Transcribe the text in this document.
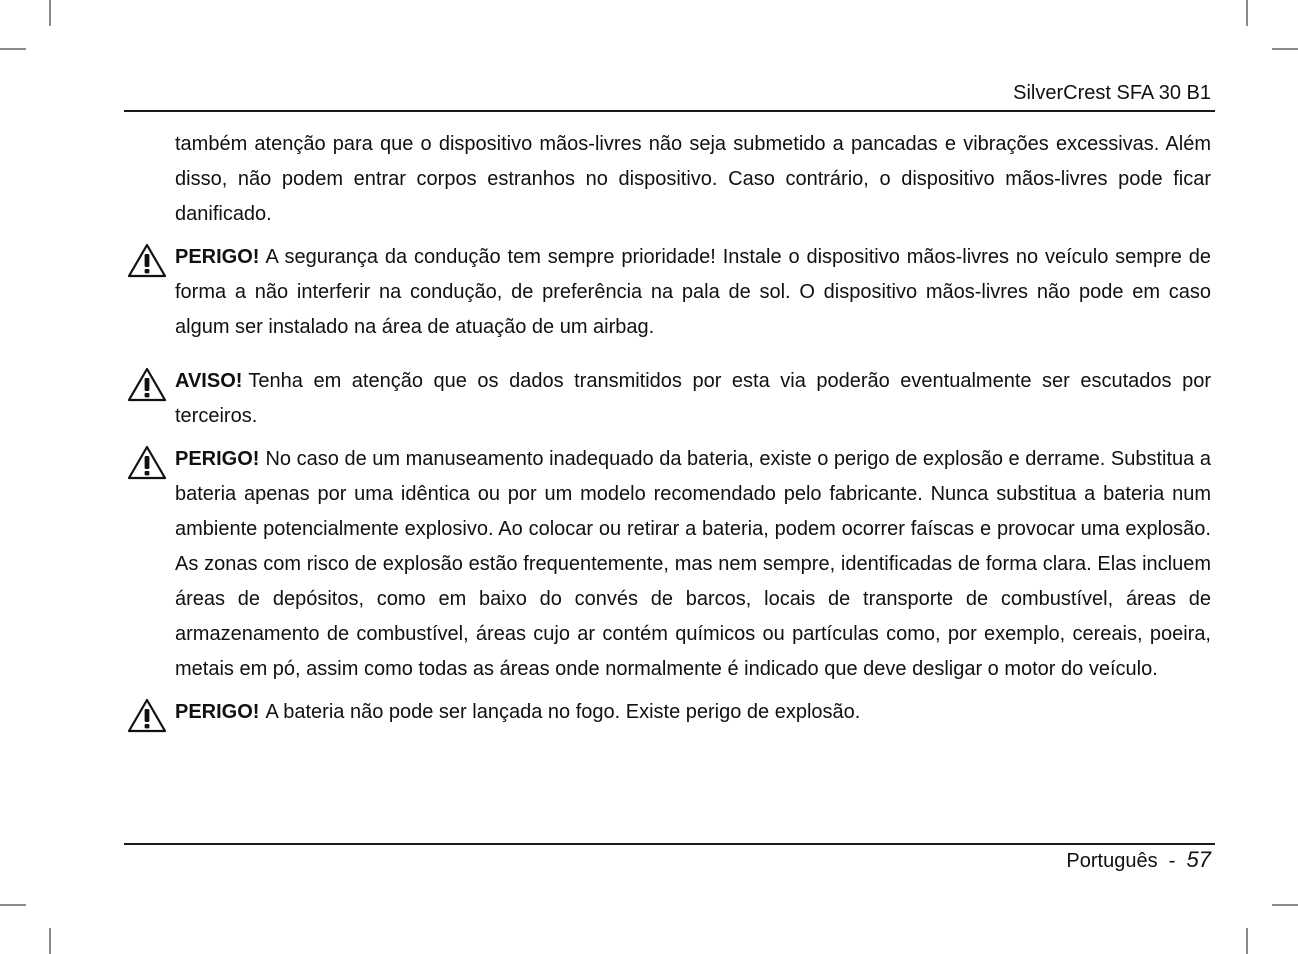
SilverCrest SFA 30 B1

também atenção para que o dispositivo mãos-livres não seja submetido a pancadas e vibrações excessivas. Além disso, não podem entrar corpos estranhos no dispositivo. Caso contrário, o dispositivo mãos-livres pode ficar danificado.

PERIGO! A segurança da condução tem sempre prioridade! Instale o dispositivo mãos-livres no veículo sempre de forma a não interferir na condução, de preferência na pala de sol. O dispositivo mãos-livres não pode em caso algum ser instalado na área de atuação de um airbag.

AVISO! Tenha em atenção que os dados transmitidos por esta via poderão eventualmente ser escutados por terceiros.

PERIGO! No caso de um manuseamento inadequado da bateria, existe o perigo de explosão e derrame. Substitua a bateria apenas por uma idêntica ou por um modelo recomendado pelo fabricante. Nunca substitua a bateria num ambiente potencialmente explosivo. Ao colocar ou retirar a bateria, podem ocorrer faíscas e provocar uma explosão. As zonas com risco de explosão estão frequentemente, mas nem sempre, identificadas de forma clara. Elas incluem áreas de depósitos, como em baixo do convés de barcos, locais de transporte de combustível, áreas de armazenamento de combustível, áreas cujo ar contém químicos ou partículas como, por exemplo, cereais, poeira, metais em pó, assim como todas as áreas onde normalmente é indicado que deve desligar o motor do veículo.

PERIGO! A bateria não pode ser lançada no fogo. Existe perigo de explosão.

Português - 57
